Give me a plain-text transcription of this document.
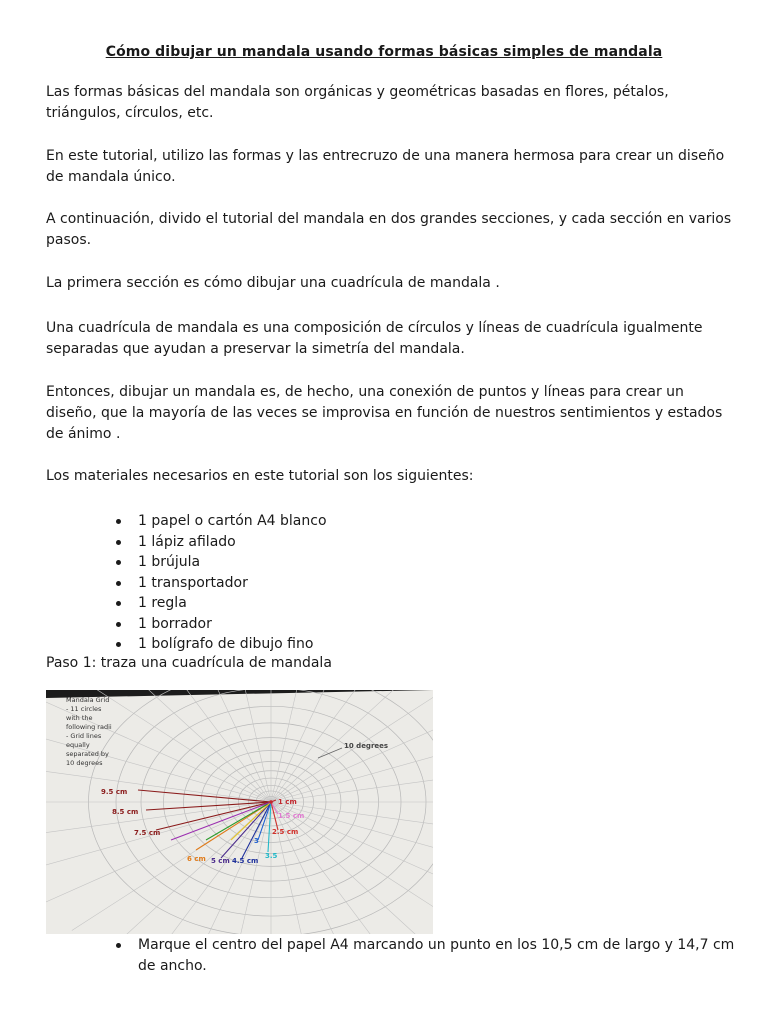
Cómo dibujar un mandala usando formas básicas simples de mandala
Las formas básicas del mandala son orgánicas y geométricas basadas en flores, pétalos, triángulos, círculos, etc.
En este tutorial, utilizo las formas y las entrecruzo de una manera hermosa para crear un diseño de mandala único.
A continuación, divido el tutorial del mandala en dos grandes secciones, y cada sección en varios pasos.
La primera sección es cómo dibujar una cuadrícula de mandala .
Una cuadrícula de mandala es una composición de círculos y líneas de cuadrícula igualmente separadas que ayudan a preservar la simetría del mandala.
Entonces, dibujar un mandala es, de hecho, una conexión de puntos y líneas para crear un diseño, que la mayoría de las veces se improvisa en función de nuestros sentimientos y estados de ánimo .
Los materiales necesarios en este tutorial son los siguientes:
1 papel o cartón A4 blanco
1 lápiz afilado
1 brújula
1 transportador
1 regla
1 borrador
1 bolígrafo de dibujo fino
Paso 1: traza una cuadrícula de mandala
Mandala Grid
- 11 circles
with the
following radii
- Grid lines
equally
separated by
10 degrees
10 degrees
1 cm
1.5 cm
2.5 cm
3.5
3
4.5 cm
5 cm
6 cm
7.5 cm
8.5 cm
9.5 cm
Marque el centro del papel A4 marcando un punto en los 10,5 cm de largo y 14,7 cm de ancho.
